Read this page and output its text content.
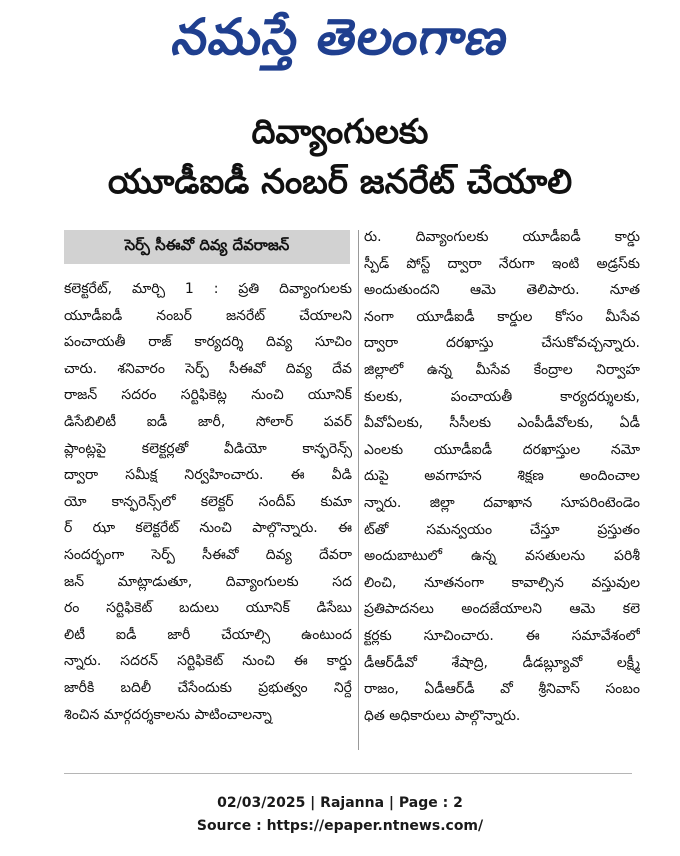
నమస్తే తెలంగాణ
దివ్యాంగులకు
యూడీఐడీ నంబర్ జనరేట్ చేయాలి
సెర్ప్ సీఈవో దివ్య దేవరాజన్
కలెక్టరేట్, మార్చి 1 : ప్రతి దివ్యాంగులకు
యూడీఐడీ నంబర్ జనరేట్ చేయాలని
పంచాయతీ రాజ్ కార్యదర్శి దివ్య సూచిం
చారు. శనివారం సెర్ప్ సీఈవో దివ్య దేవ
రాజన్ సదరం సర్టిఫికెట్ల నుంచి యూనిక్
డిసేబిలిటీ ఐడీ జారీ, సోలార్ పవర్
ప్లాంట్లపై కలెక్టర్లతో వీడియో కాన్ఫరెన్స్
ద్వారా సమీక్ష నిర్వహించారు. ఈ వీడి
యో కాన్ఫరెన్స్‌లో కలెక్టర్ సందీప్ కుమా
ర్ ఝా కలెక్టరేట్ నుంచి పాల్గొన్నారు. ఈ
సందర్భంగా సెర్ప్ సీఈవో దివ్య దేవరా
జన్ మాట్లాడుతూ, దివ్యాంగులకు సద
రం సర్టిఫికెట్ బదులు యూనిక్ డిసేబు
లిటీ ఐడీ జారీ చేయాల్సి ఉంటుంద
న్నారు. సదరన్ సర్టిఫికెట్ నుంచి ఈ కార్డు
జారీకి బదిలీ చేసేందుకు ప్రభుత్వం నిర్దే
శించిన మార్గదర్శకాలను పాటించాలన్నా
రు. దివ్యాంగులకు యూడీఐడీ కార్డు
స్పీడ్ పోస్ట్ ద్వారా నేరుగా ఇంటి అడ్రస్‌కు
అందుతుందని ఆమె తెలిపారు. నూత
నంగా యూడీఐడీ కార్డుల కోసం మీసేవ
ద్వారా దరఖాస్తు చేసుకోవచ్చన్నారు.
జిల్లాలో ఉన్న మీసేవ కేంద్రాల నిర్వాహ
కులకు, పంచాయతీ కార్యదర్శులకు,
వీవోఏలకు, సీసీలకు ఎంపీడీవోలకు, ఏడీ
ఎంలకు యూడీఐడీ దరఖాస్తుల నమో
దుపై అవగాహన శిక్షణ అందించాల
న్నారు. జిల్లా దవాఖాన సూపరింటెండెం
ట్‌తో సమన్వయం చేస్తూ ప్రస్తుతం
అందుబాటులో ఉన్న వసతులను పరిశీ
లించి, నూతనంగా కావాల్సిన వస్తువుల
ప్రతిపాదనలు అందజేయాలని ఆమె కలె
క్టర్లకు సూచించారు. ఈ సమావేశంలో
డీఆర్‌డీవో శేషాద్రి, డీడబ్ల్యూవో లక్ష్మీ
రాజం, ఏడీఆర్‌డీ వో శ్రీనివాస్ సంబం
ధిత అధికారులు పాల్గొన్నారు.
02/03/2025 | Rajanna | Page : 2
Source : https://epaper.ntnews.com/
